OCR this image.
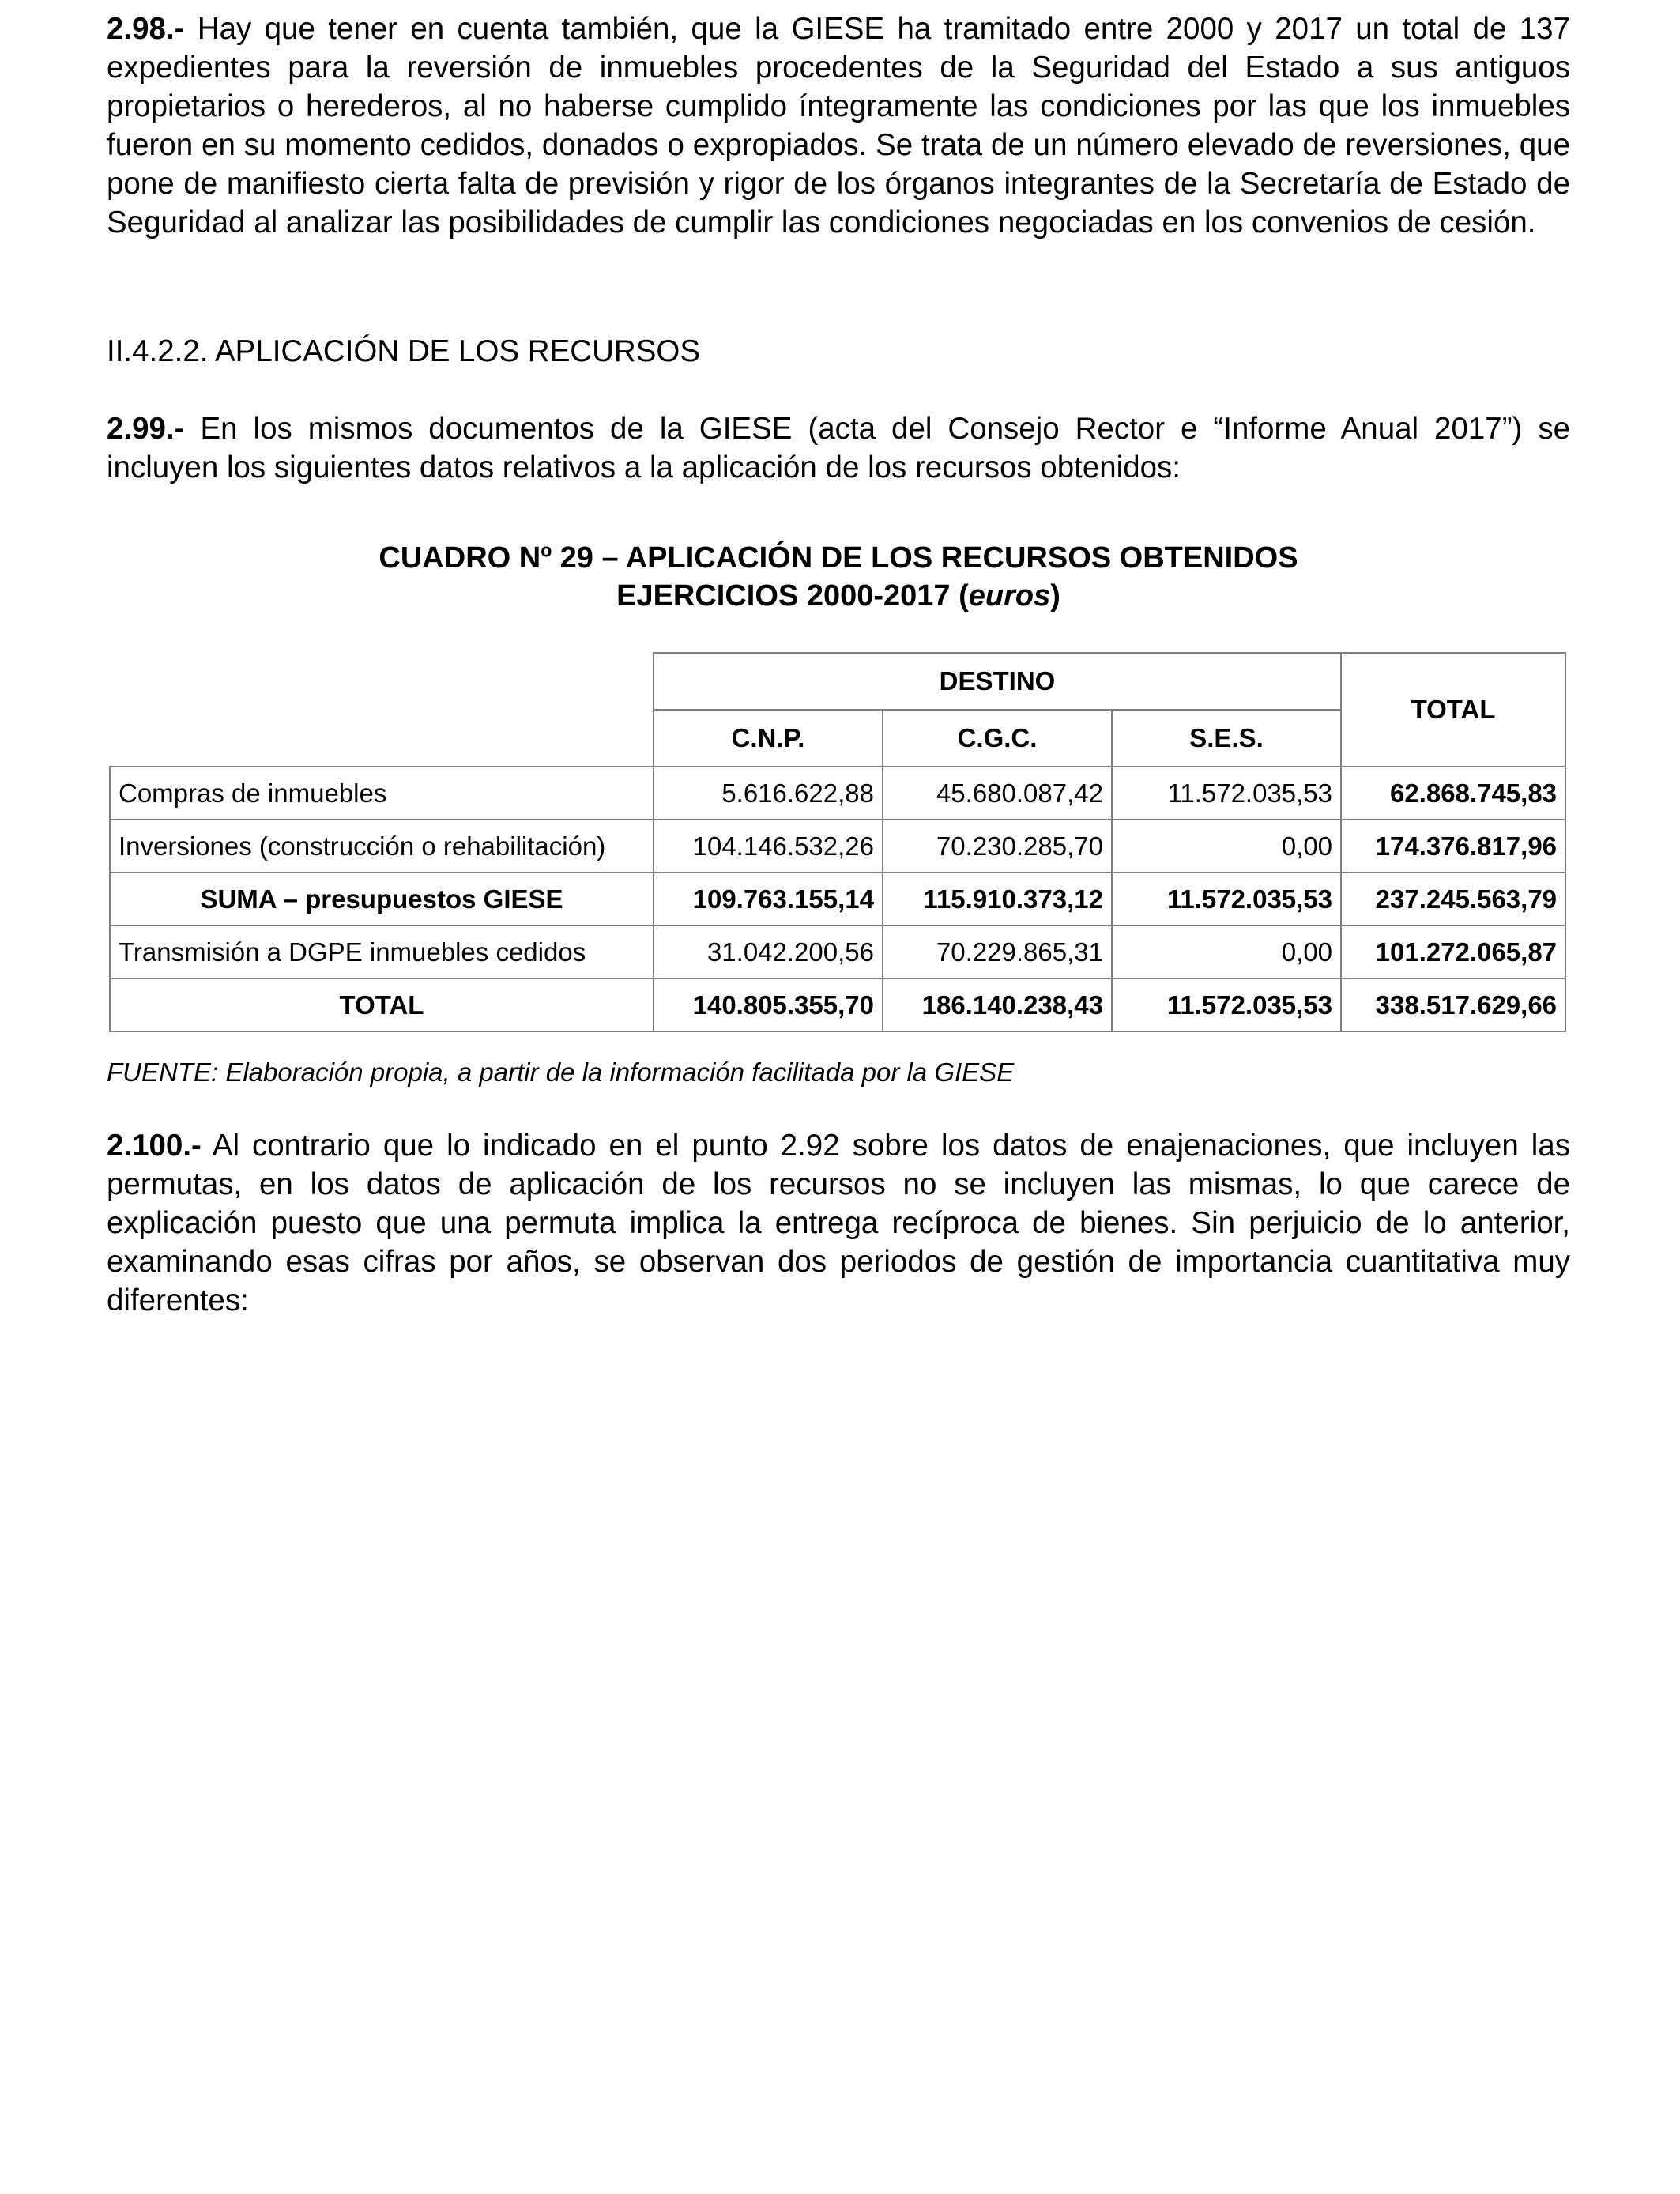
2.98.- Hay que tener en cuenta también, que la GIESE ha tramitado entre 2000 y 2017 un total de 137 expedientes para la reversión de inmuebles procedentes de la Seguridad del Estado a sus antiguos propietarios o herederos, al no haberse cumplido íntegramente las condiciones por las que los inmuebles fueron en su momento cedidos, donados o expropiados. Se trata de un número elevado de reversiones, que pone de manifiesto cierta falta de previsión y rigor de los órganos integrantes de la Secretaría de Estado de Seguridad al analizar las posibilidades de cumplir las condiciones negociadas en los convenios de cesión.

II.4.2.2. APLICACIÓN DE LOS RECURSOS

2.99.- En los mismos documentos de la GIESE (acta del Consejo Rector e “Informe Anual 2017”) se incluyen los siguientes datos relativos a la aplicación de los recursos obtenidos:

CUADRO Nº 29 – APLICACIÓN DE LOS RECURSOS OBTENIDOS

EJERCICIOS 2000-2017 (euros)

	DESTINO			TOTAL
	C.N.P.	C.G.C.	S.E.S.	
Compras de inmuebles	5.616.622,88	45.680.087,42	11.572.035,53	62.868.745,83
Inversiones (construcción o rehabilitación)	104.146.532,26	70.230.285,70	0,00	174.376.817,96
SUMA – presupuestos GIESE	109.763.155,14	115.910.373,12	11.572.035,53	237.245.563,79
Transmisión a DGPE inmuebles cedidos	31.042.200,56	70.229.865,31	0,00	101.272.065,87
TOTAL	140.805.355,70	186.140.238,43	11.572.035,53	338.517.629,66

FUENTE: Elaboración propia, a partir de la información facilitada por la GIESE

2.100.- Al contrario que lo indicado en el punto 2.92 sobre los datos de enajenaciones, que incluyen las permutas, en los datos de aplicación de los recursos no se incluyen las mismas, lo que carece de explicación puesto que una permuta implica la entrega recíproca de bienes. Sin perjuicio de lo anterior, examinando esas cifras por años, se observan dos periodos de gestión de importancia cuantitativa muy diferentes:
